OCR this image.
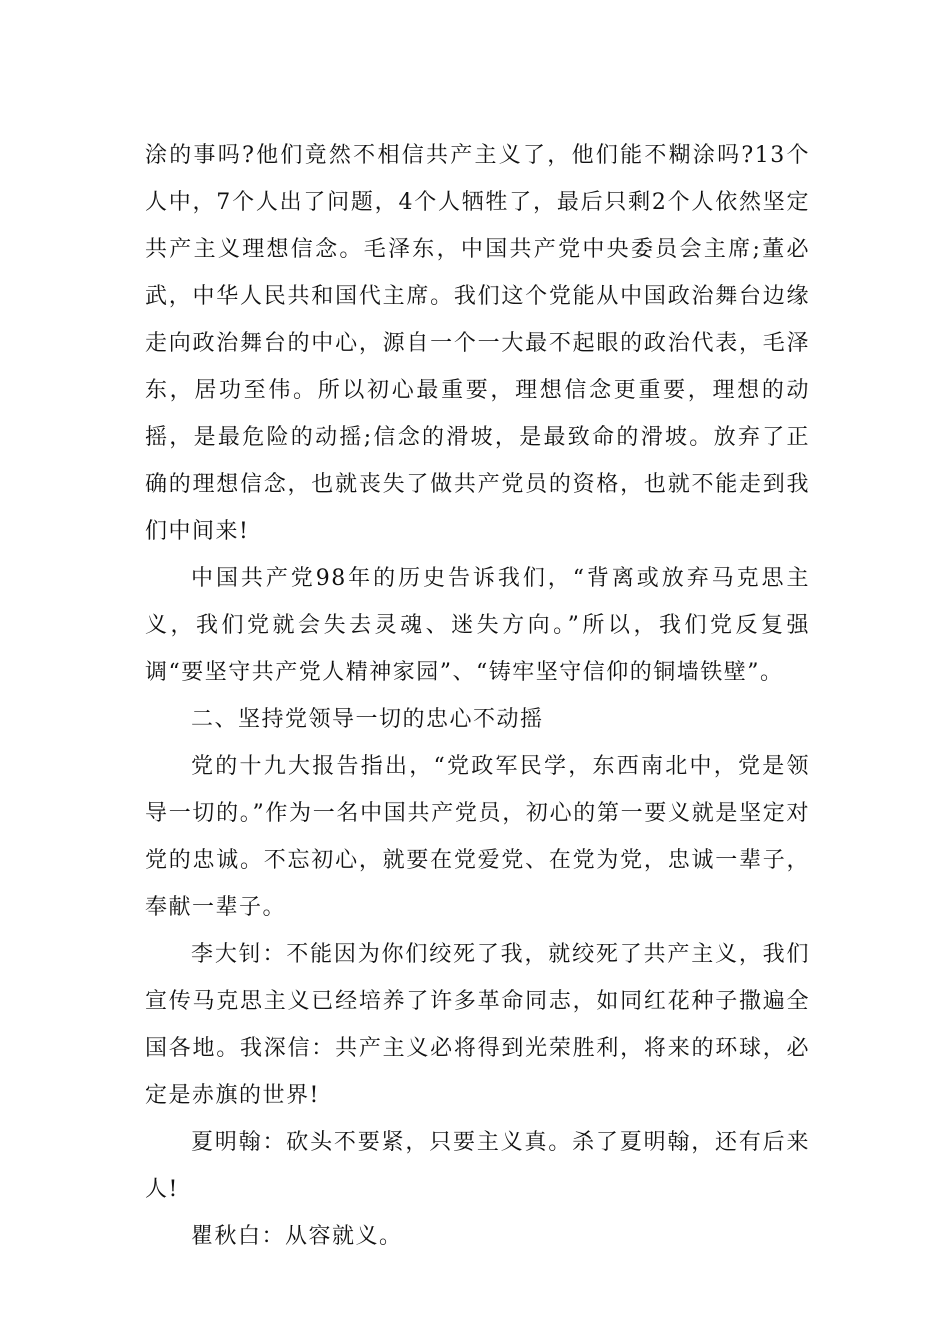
涂的事吗?他们竟然不相信共产主义了，他们能不糊涂吗?13个人中，7个人出了问题，4个人牺牲了，最后只剩2个人依然坚定共产主义理想信念。毛泽东，中国共产党中央委员会主席;董必武，中华人民共和国代主席。我们这个党能从中国政治舞台边缘走向政治舞台的中心，源自一个一大最不起眼的政治代表，毛泽东，居功至伟。所以初心最重要，理想信念更重要，理想的动摇，是最危险的动摇;信念的滑坡，是最致命的滑坡。放弃了正确的理想信念，也就丧失了做共产党员的资格，也就不能走到我们中间来!

中国共产党98年的历史告诉我们，“背离或放弃马克思主义，我们党就会失去灵魂、迷失方向。”所以，我们党反复强调“要坚守共产党人精神家园”、“铸牢坚守信仰的铜墙铁壁”。

二、坚持党领导一切的忠心不动摇

党的十九大报告指出，“党政军民学，东西南北中，党是领导一切的。”作为一名中国共产党员，初心的第一要义就是坚定对党的忠诚。不忘初心，就要在党爱党、在党为党，忠诚一辈子，奉献一辈子。

李大钊：不能因为你们绞死了我，就绞死了共产主义，我们宣传马克思主义已经培养了许多革命同志，如同红花种子撒遍全国各地。我深信：共产主义必将得到光荣胜利，将来的环球，必定是赤旗的世界!

夏明翰：砍头不要紧，只要主义真。杀了夏明翰，还有后来人!

瞿秋白：从容就义。
